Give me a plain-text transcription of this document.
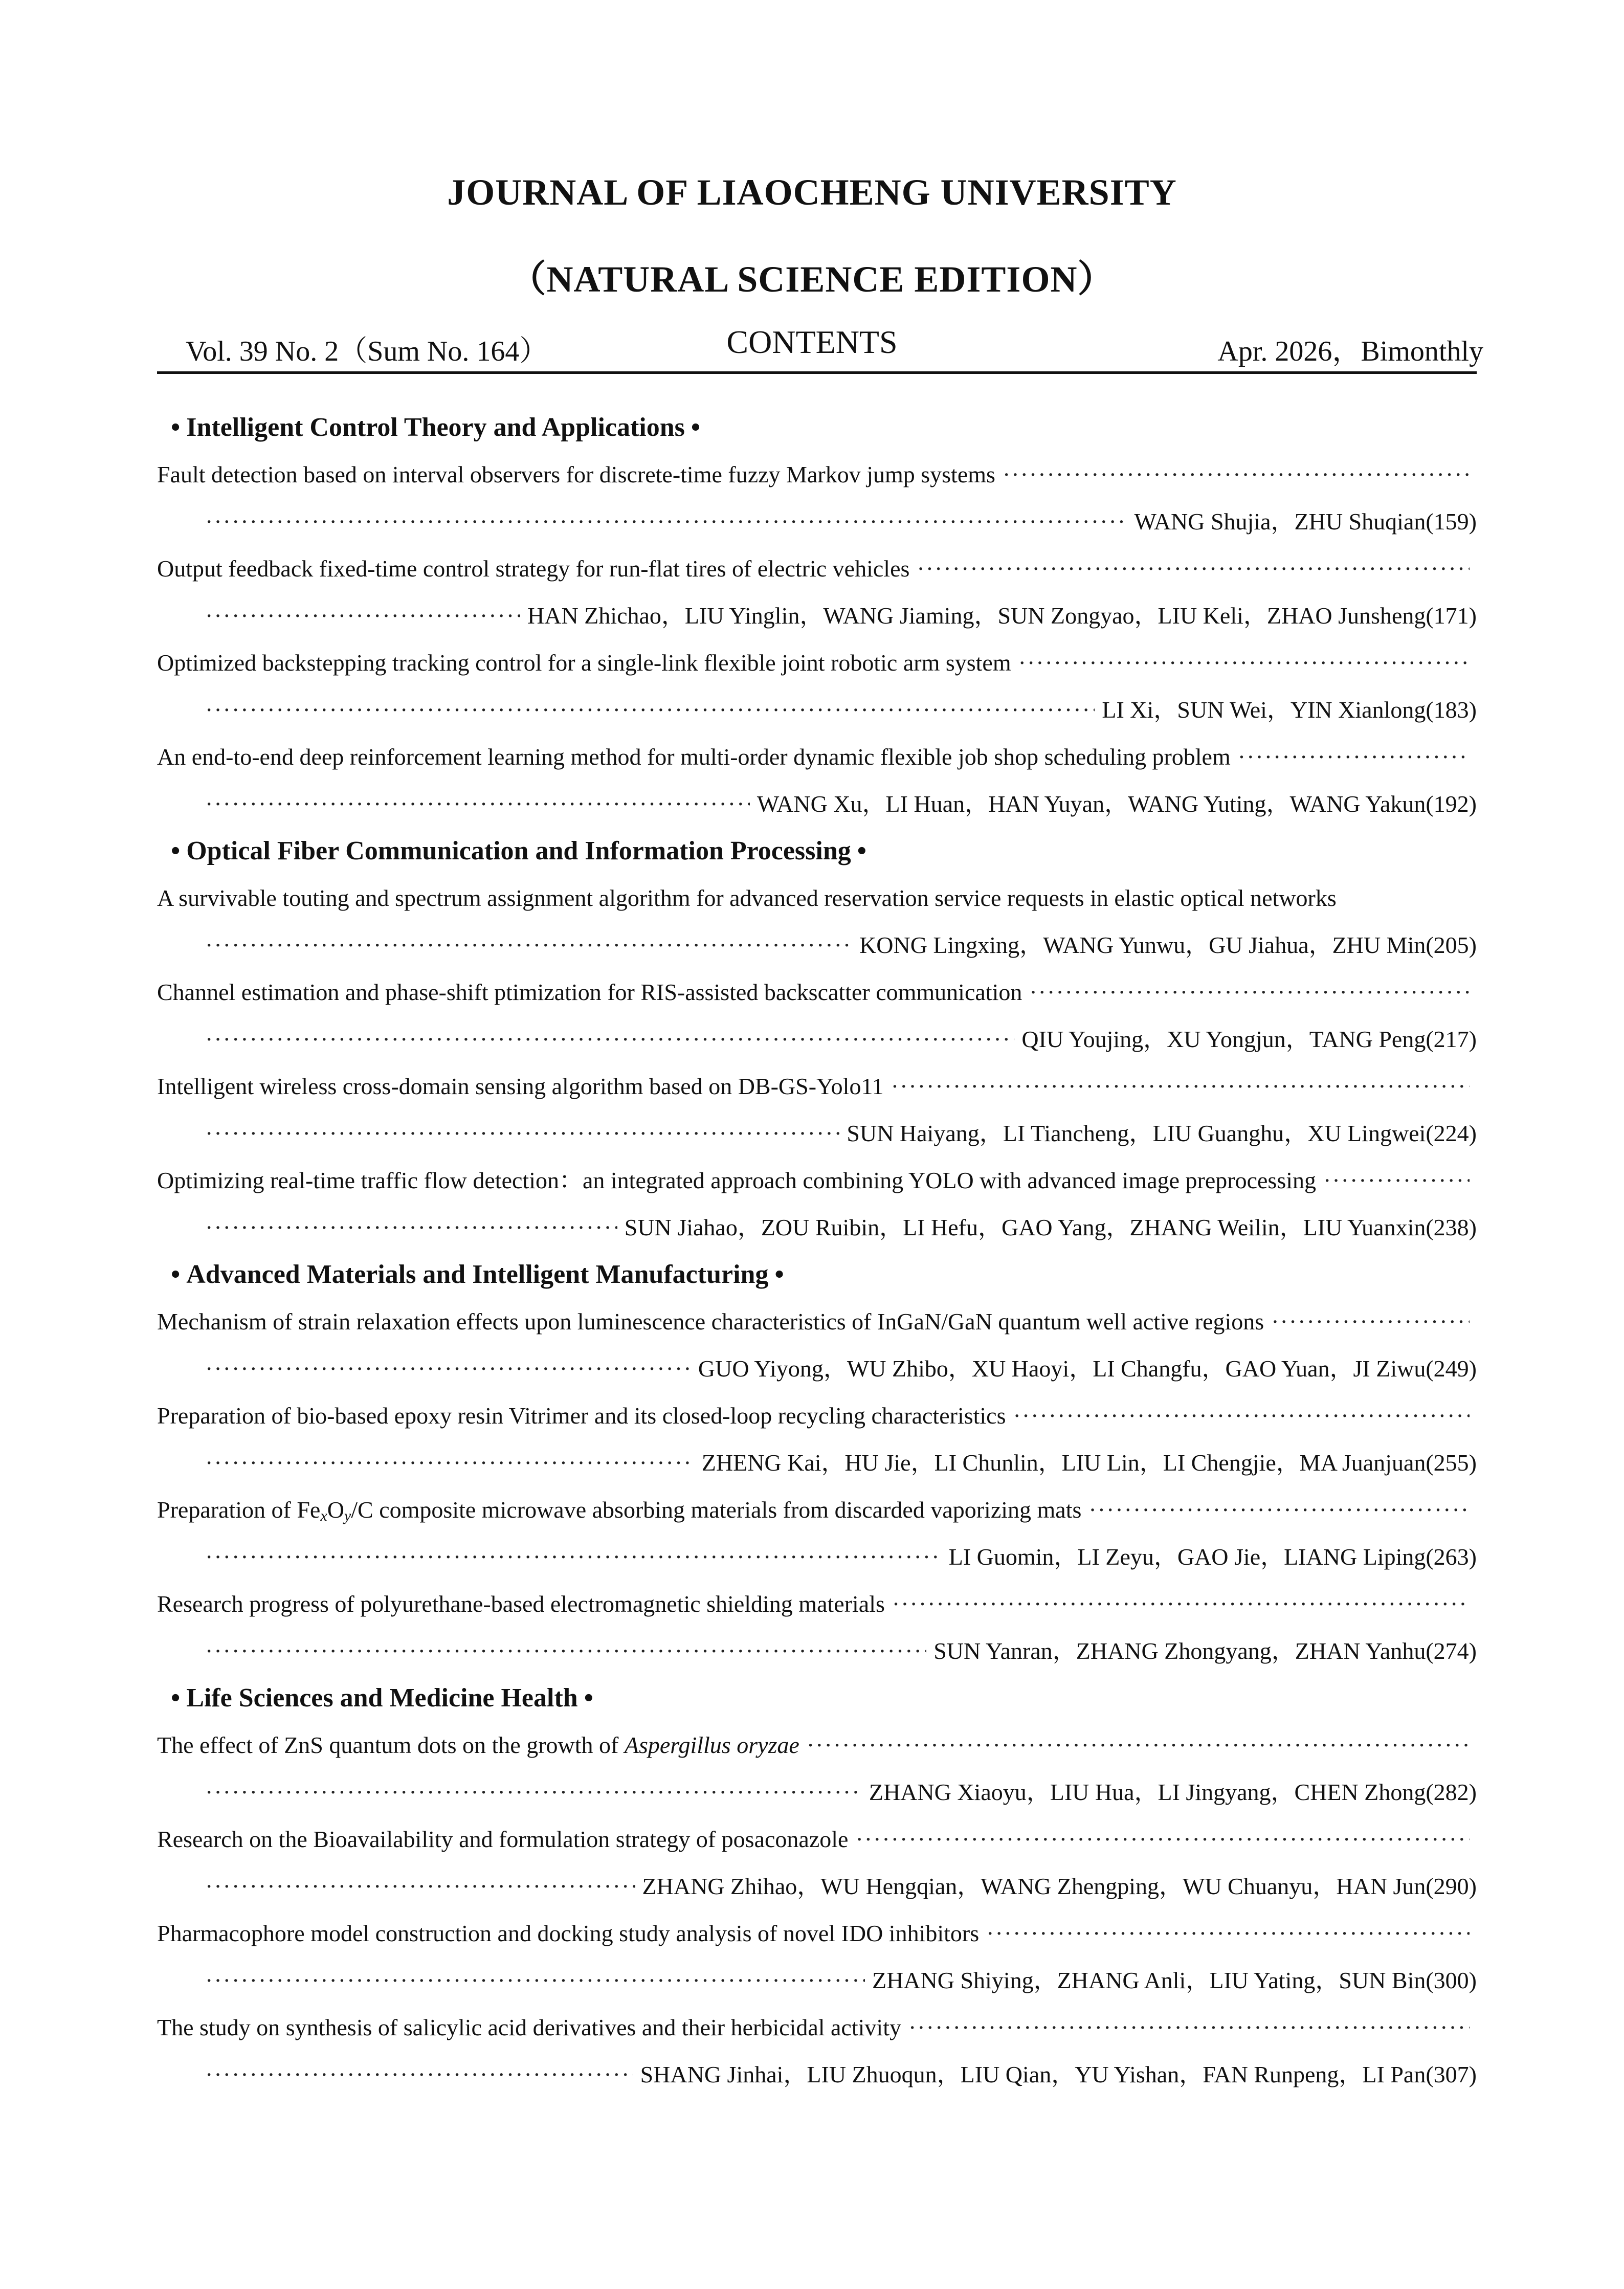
JOURNAL OF LIAOCHENG UNIVERSITY
（NATURAL SCIENCE EDITION）
Vol. 39 No. 2（Sum No. 164）	CONTENTS	Apr. 2026，Bimonthly
• Intelligent Control Theory and Applications •
Fault detection based on interval observers for discrete-time fuzzy Markov jump systems
·····
·····
WANG Shujia，ZHU Shuqian (159)
Output feedback fixed-time control strategy for run-flat tires of electric vehicles
·····
·····
HAN Zhichao，LIU Yinglin，WANG Jiaming，SUN Zongyao，LIU Keli，ZHAO Junsheng (171)
Optimized backstepping tracking control for a single-link flexible joint robotic arm system
·····
·····
LI Xi，SUN Wei，YIN Xianlong (183)
An end-to-end deep reinforcement learning method for multi-order dynamic flexible job shop scheduling problem
·····
·····
WANG Xu，LI Huan，HAN Yuyan，WANG Yuting，WANG Yakun (192)
• Optical Fiber Communication and Information Processing •
A survivable touting and spectrum assignment algorithm for advanced reservation service requests in elastic optical networks
·····
KONG Lingxing，WANG Yunwu，GU Jiahua，ZHU Min (205)
Channel estimation and phase-shift ptimization for RIS-assisted backscatter communication
·····
·····
QIU Youjing，XU Yongjun，TANG Peng (217)
Intelligent wireless cross-domain sensing algorithm based on DB-GS-Yolo11
·····
·····
SUN Haiyang，LI Tiancheng，LIU Guanghu，XU Lingwei (224)
Optimizing real-time traffic flow detection：an integrated approach combining YOLO with advanced image preprocessing
·····
·····
SUN Jiahao，ZOU Ruibin，LI Hefu，GAO Yang，ZHANG Weilin，LIU Yuanxin (238)
• Advanced Materials and Intelligent Manufacturing •
Mechanism of strain relaxation effects upon luminescence characteristics of InGaN/GaN quantum well active regions
·····
·····
GUO Yiyong，WU Zhibo，XU Haoyi，LI Changfu，GAO Yuan，JI Ziwu (249)
Preparation of bio-based epoxy resin Vitrimer and its closed-loop recycling characteristics
·····
·····
ZHENG Kai，HU Jie，LI Chunlin，LIU Lin，LI Chengjie，MA Juanjuan (255)
Preparation of $Fe_xO_y/C$ composite microwave absorbing materials from discarded vaporizing mats
·····
·····
LI Guomin，LI Zeyu，GAO Jie，LIANG Liping (263)
Research progress of polyurethane-based electromagnetic shielding materials
·····
·····
SUN Yanran，ZHANG Zhongyang，ZHAN Yanhu (274)
• Life Sciences and Medicine Health •
The effect of ZnS quantum dots on the growth of Aspergillus oryzae
·····
·····
ZHANG Xiaoyu，LIU Hua，LI Jingyang，CHEN Zhong (282)
Research on the Bioavailability and formulation strategy of posaconazole
·····
·····
ZHANG Zhihao，WU Hengqian，WANG Zhengping，WU Chuanyu，HAN Jun (290)
Pharmacophore model construction and docking study analysis of novel IDO inhibitors
·····
·····
ZHANG Shiying，ZHANG Anli，LIU Yating，SUN Bin (300)
The study on synthesis of salicylic acid derivatives and their herbicidal activity
·····
·····
SHANG Jinhai，LIU Zhuoqun，LIU Qian，YU Yishan，FAN Runpeng，LI Pan (307)
